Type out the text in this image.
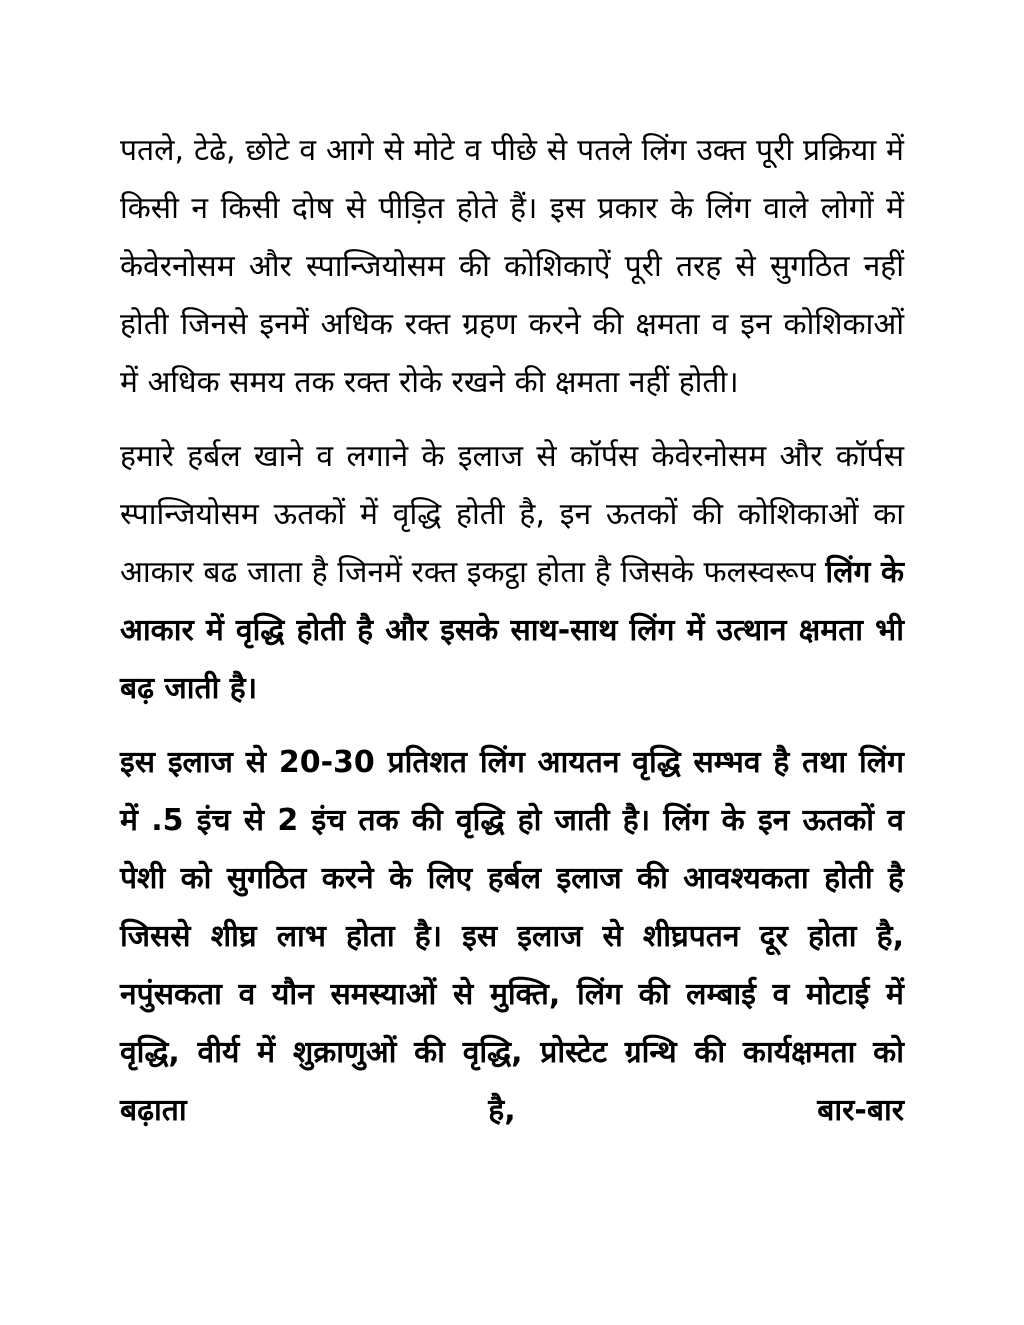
पतले, टेढे, छोटे व आगे से मोटे व पीछे से पतले लिंग उक्त पूरी प्रक्रिया में किसी न किसी दोष से पीड़ित होते हैं। इस प्रकार के लिंग वाले लोगों में केवेरनोसम और स्पान्जियोसम की कोशिकाऐं पूरी तरह से सुगठित नहीं होती जिनसे इनमें अधिक रक्त ग्रहण करने की क्षमता व इन कोशिकाओं में अधिक समय तक रक्त रोके रखने की क्षमता नहीं होती।

हमारे हर्बल खाने व लगाने के इलाज से कॉर्पस केवेरनोसम और कॉर्पस स्पान्जियोसम ऊतकों में वृद्धि होती है, इन ऊतकों की कोशिकाओं का आकार बढ जाता है जिनमें रक्त इकट्ठा होता है जिसके फलस्वरूप लिंग के आकार में वृद्धि होती है और इसके साथ-साथ लिंग में उत्थान क्षमता भी बढ़ जाती है।

इस इलाज से 20-30 प्रतिशत लिंग आयतन वृद्धि सम्भव है तथा लिंग में .5 इंच से 2 इंच तक की वृद्धि हो जाती है। लिंग के इन ऊतकों व पेशी को सुगठित करने के लिए हर्बल इलाज की आवश्यकता होती है जिससे शीघ्र लाभ होता है। इस इलाज से शीघ्रपतन दूर होता है, नपुंसकता व यौन समस्याओं से मुक्ति, लिंग की लम्बाई व मोटाई में वृद्धि, वीर्य में शुक्राणुओं की वृद्धि, प्रोस्टेट ग्रन्थि की कार्यक्षमता को बढ़ाता है, बार-बार
